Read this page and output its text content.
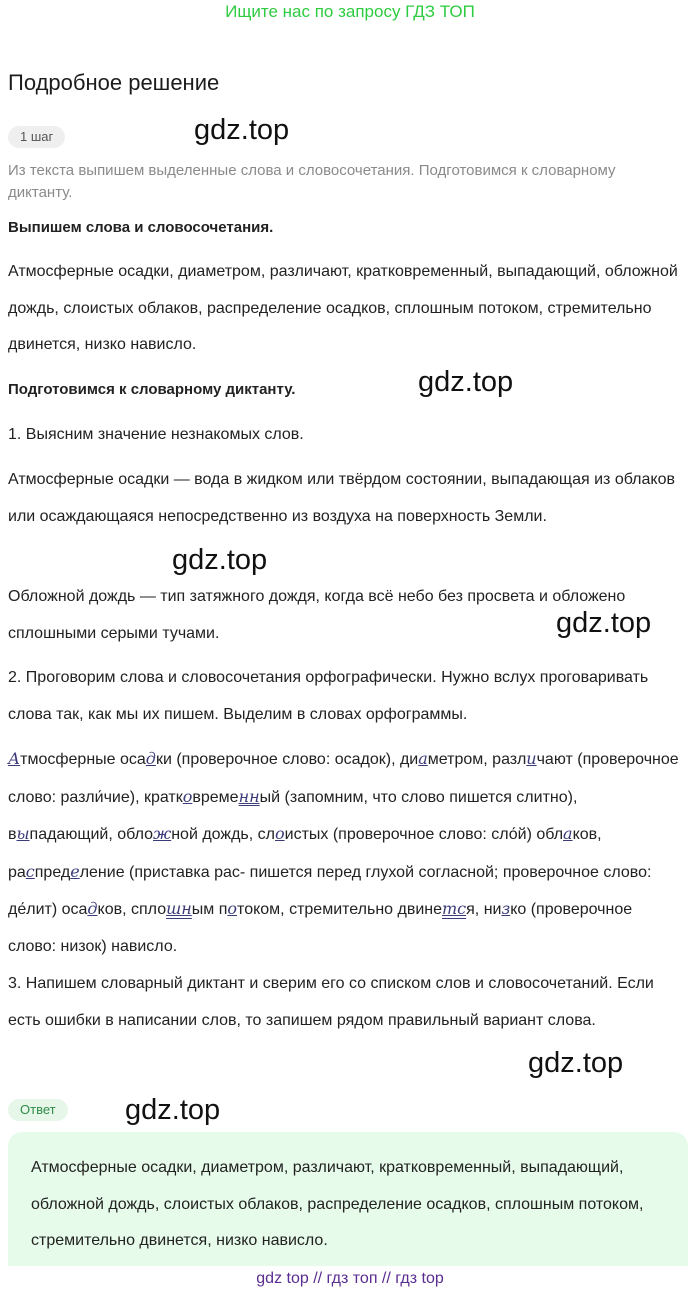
Ищите нас по запросу ГДЗ ТОП
Подробное решение
1 шаг	gdz.top
Из текста выпишем выделенные слова и словосочетания. Подготовимся к словарному диктанту.
Выпишем слова и словосочетания.
Атмосферные осадки, диаметром, различают, кратковременный, выпадающий, обложной дождь, слоистых облаков, распределение осадков, сплошным потоком, стремительно двинется, низко нависло.
Подготовимся к словарному диктанту.	gdz.top
1. Выясним значение незнакомых слов.
Атмосферные осадки — вода в жидком или твёрдом состоянии, выпадающая из облаков или осаждающаяся непосредственно из воздуха на поверхность Земли.
gdz.top
Обложной дождь — тип затяжного дождя, когда всё небо без просвета и обложено сплошными серыми тучами.	gdz.top
2. Проговорим слова и словосочетания орфографически. Нужно вслух проговаривать слова так, как мы их пишем. Выделим в словах орфограммы.
Атмосферные осадки (проверочное слово: осадок), диаметром, различают (проверочное слово: разли́чие), кратковременный (запомним, что слово пишется слитно), выпадающий, обложной дождь, слоистых (проверочное слово: сло́й) облаков, распределение (приставка рас- пишется перед глухой согласной; проверочное слово: де́лит) осадков, сплошным потоком, стремительно двинется, низко (проверочное слово: низок) нависло.
3. Напишем словарный диктант и сверим его со списком слов и словосочетаний. Если есть ошибки в написании слов, то запишем рядом правильный вариант слова.
gdz.top
Ответ	gdz.top
Атмосферные осадки, диаметром, различают, кратковременный, выпадающий, обложной дождь, слоистых облаков, распределение осадков, сплошным потоком, стремительно двинется, низко нависло.
gdz top // гдз топ // гдз top
